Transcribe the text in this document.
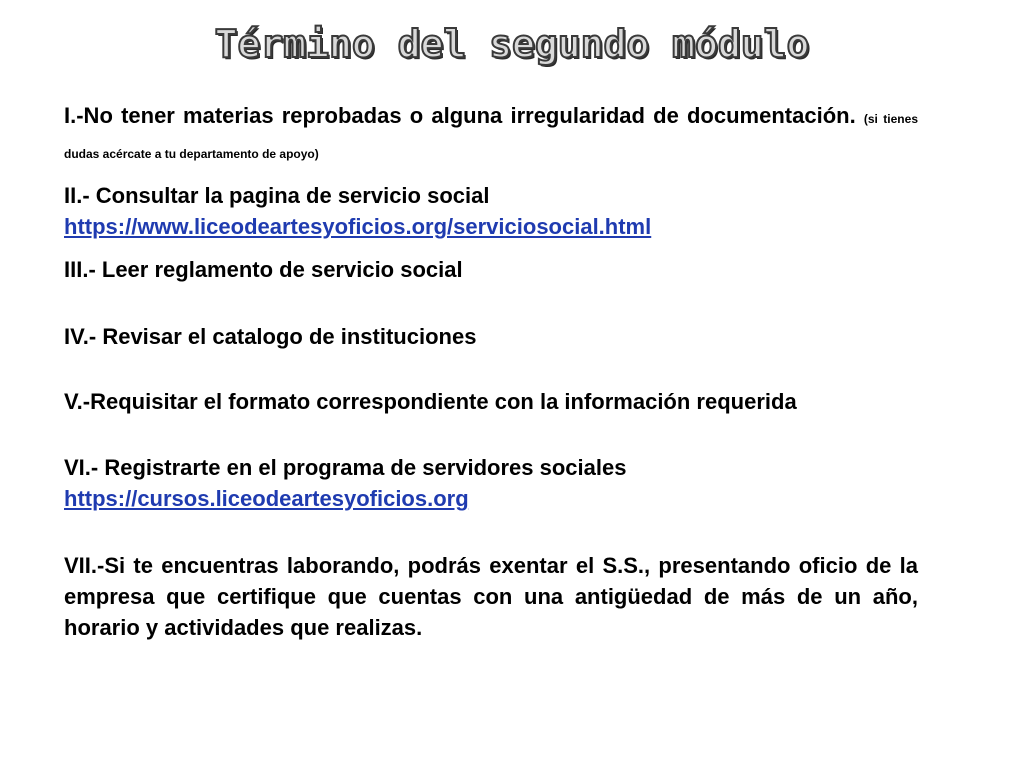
Término del segundo módulo

I.-No tener materias reprobadas o alguna irregularidad de documentación. (si tienes dudas acércate a tu departamento de apoyo)

II.- Consultar la pagina de servicio social
https://www.liceodeartesyoficios.org/serviciosocial.html

III.- Leer reglamento de servicio social

IV.- Revisar el catalogo de instituciones

V.-Requisitar el formato correspondiente con la información requerida

VI.- Registrarte en el programa de servidores sociales
https://cursos.liceodeartesyoficios.org

VII.-Si te encuentras laborando, podrás exentar el S.S., presentando oficio de la empresa que certifique que cuentas con una antigüedad de más de un año, horario y actividades que realizas.
